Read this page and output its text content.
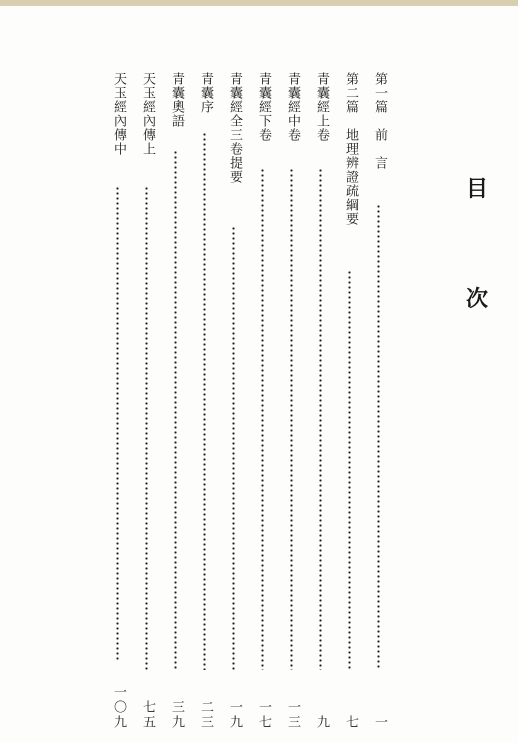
目
次
第一篇　前　言
一
第二篇　地理辨證疏綱要
七
青囊經上卷
九
青囊經中卷
一三
青囊經下卷
一七
青囊經全三卷提要
一九
青囊序
二三
青囊奧語
三九
天玉經內傳上
七五
天玉經內傳中
一〇九
